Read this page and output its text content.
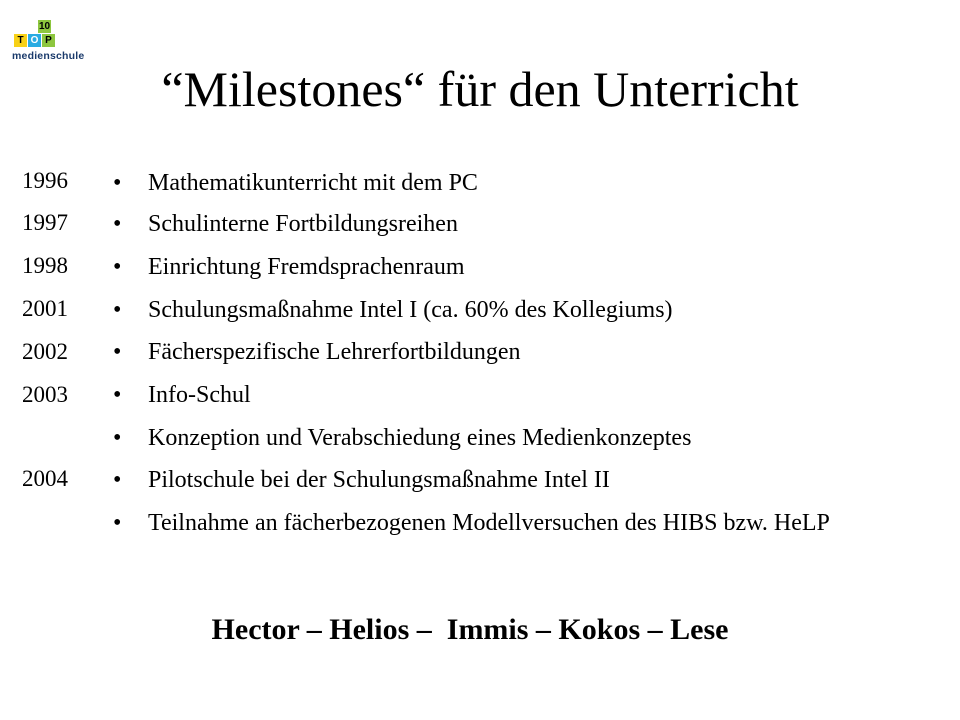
10
T O P
medienschule
“Milestones“ für den Unterricht
1996
1997
1998
2001
2002
2003
2004
• Mathematikunterricht mit dem PC
• Schulinterne Fortbildungsreihen
• Einrichtung Fremdsprachenraum
• Schulungsmaßnahme Intel I (ca. 60% des Kollegiums)
• Fächerspezifische Lehrerfortbildungen
• Info-Schul
• Konzeption und Verabschiedung eines Medienkonzeptes
• Pilotschule bei der Schulungsmaßnahme Intel II
• Teilnahme an fächerbezogenen Modellversuchen des HIBS bzw. HeLP
Hector – Helios –  Immis – Kokos – Lese
